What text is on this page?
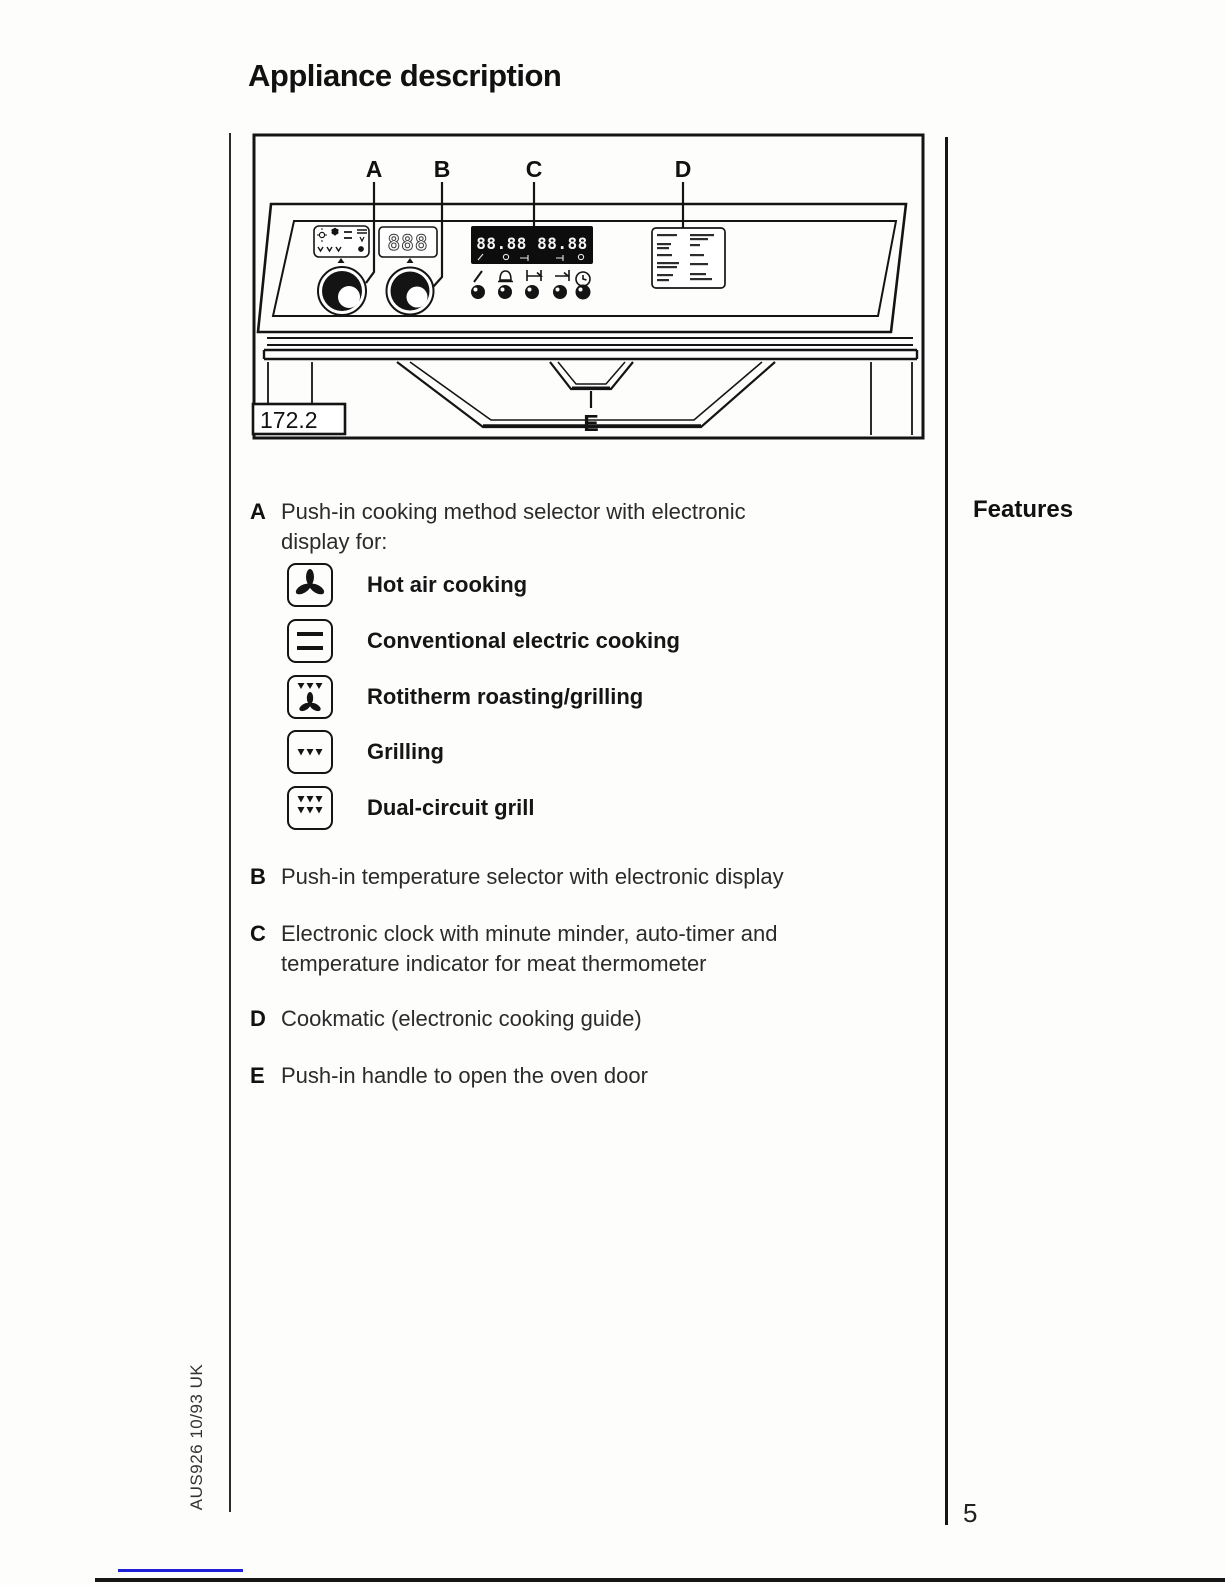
Appliance description
A B	C	D
E
888	88.88 88.88
172.2
A Push-in cooking method selector with electronic
display for:
Hot air cooking
Conventional electric cooking
Rotitherm roasting/grilling
Grilling
Dual-circuit grill
B Push-in temperature selector with electronic display
C Electronic clock with minute minder, auto-timer and
temperature indicator for meat thermometer
D Cookmatic (electronic cooking guide)
E Push-in handle to open the oven door
Features
AUS926 10/93 UK
5
